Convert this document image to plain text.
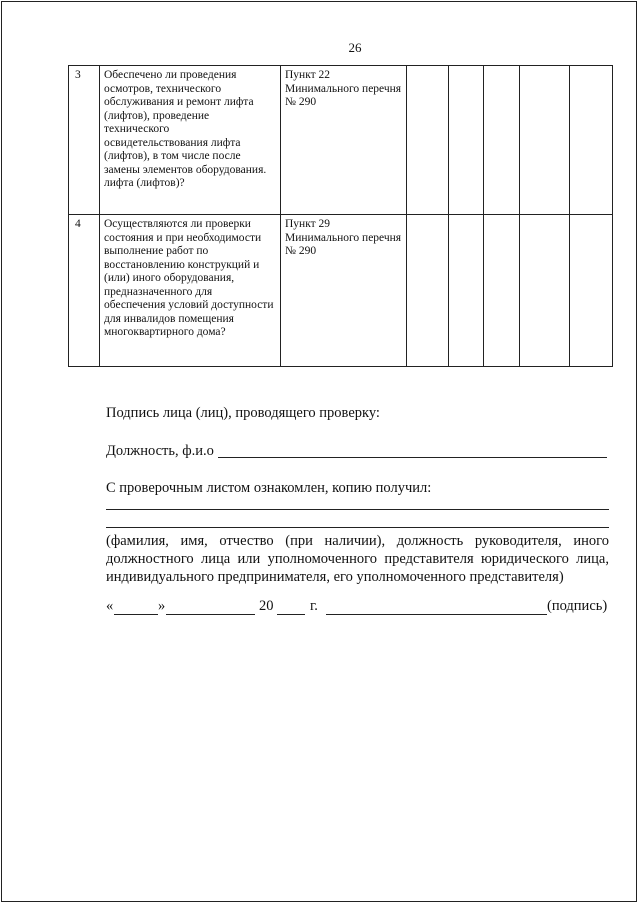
26
3	Обеспечено ли проведения осмотров, технического обслуживания и ремонт лифта (лифтов), проведение технического освидетельствования лифта (лифтов), в том числе после замены элементов оборудования. лифта (лифтов)?	Пункт 22 Минимального перечня № 290					
4	Осуществляются ли проверки состояния и при необходимости выполнение работ по восстановлению конструкций и (или) иного оборудования, предназначенного для обеспечения условий доступности для инвалидов помещения многоквартирного дома?	Пункт 29 Минимального перечня № 290					
Подпись лица (лиц), проводящего проверку:
Должность, ф.и.о
С проверочным листом ознакомлен, копию получил:
(фамилия, имя, отчество (при наличии), должность руководителя, иного должностного лица или уполномоченного представителя юридического лица, индивидуального предпринимателя, его уполномоченного представителя)
«	»	20	г.	(подпись)
